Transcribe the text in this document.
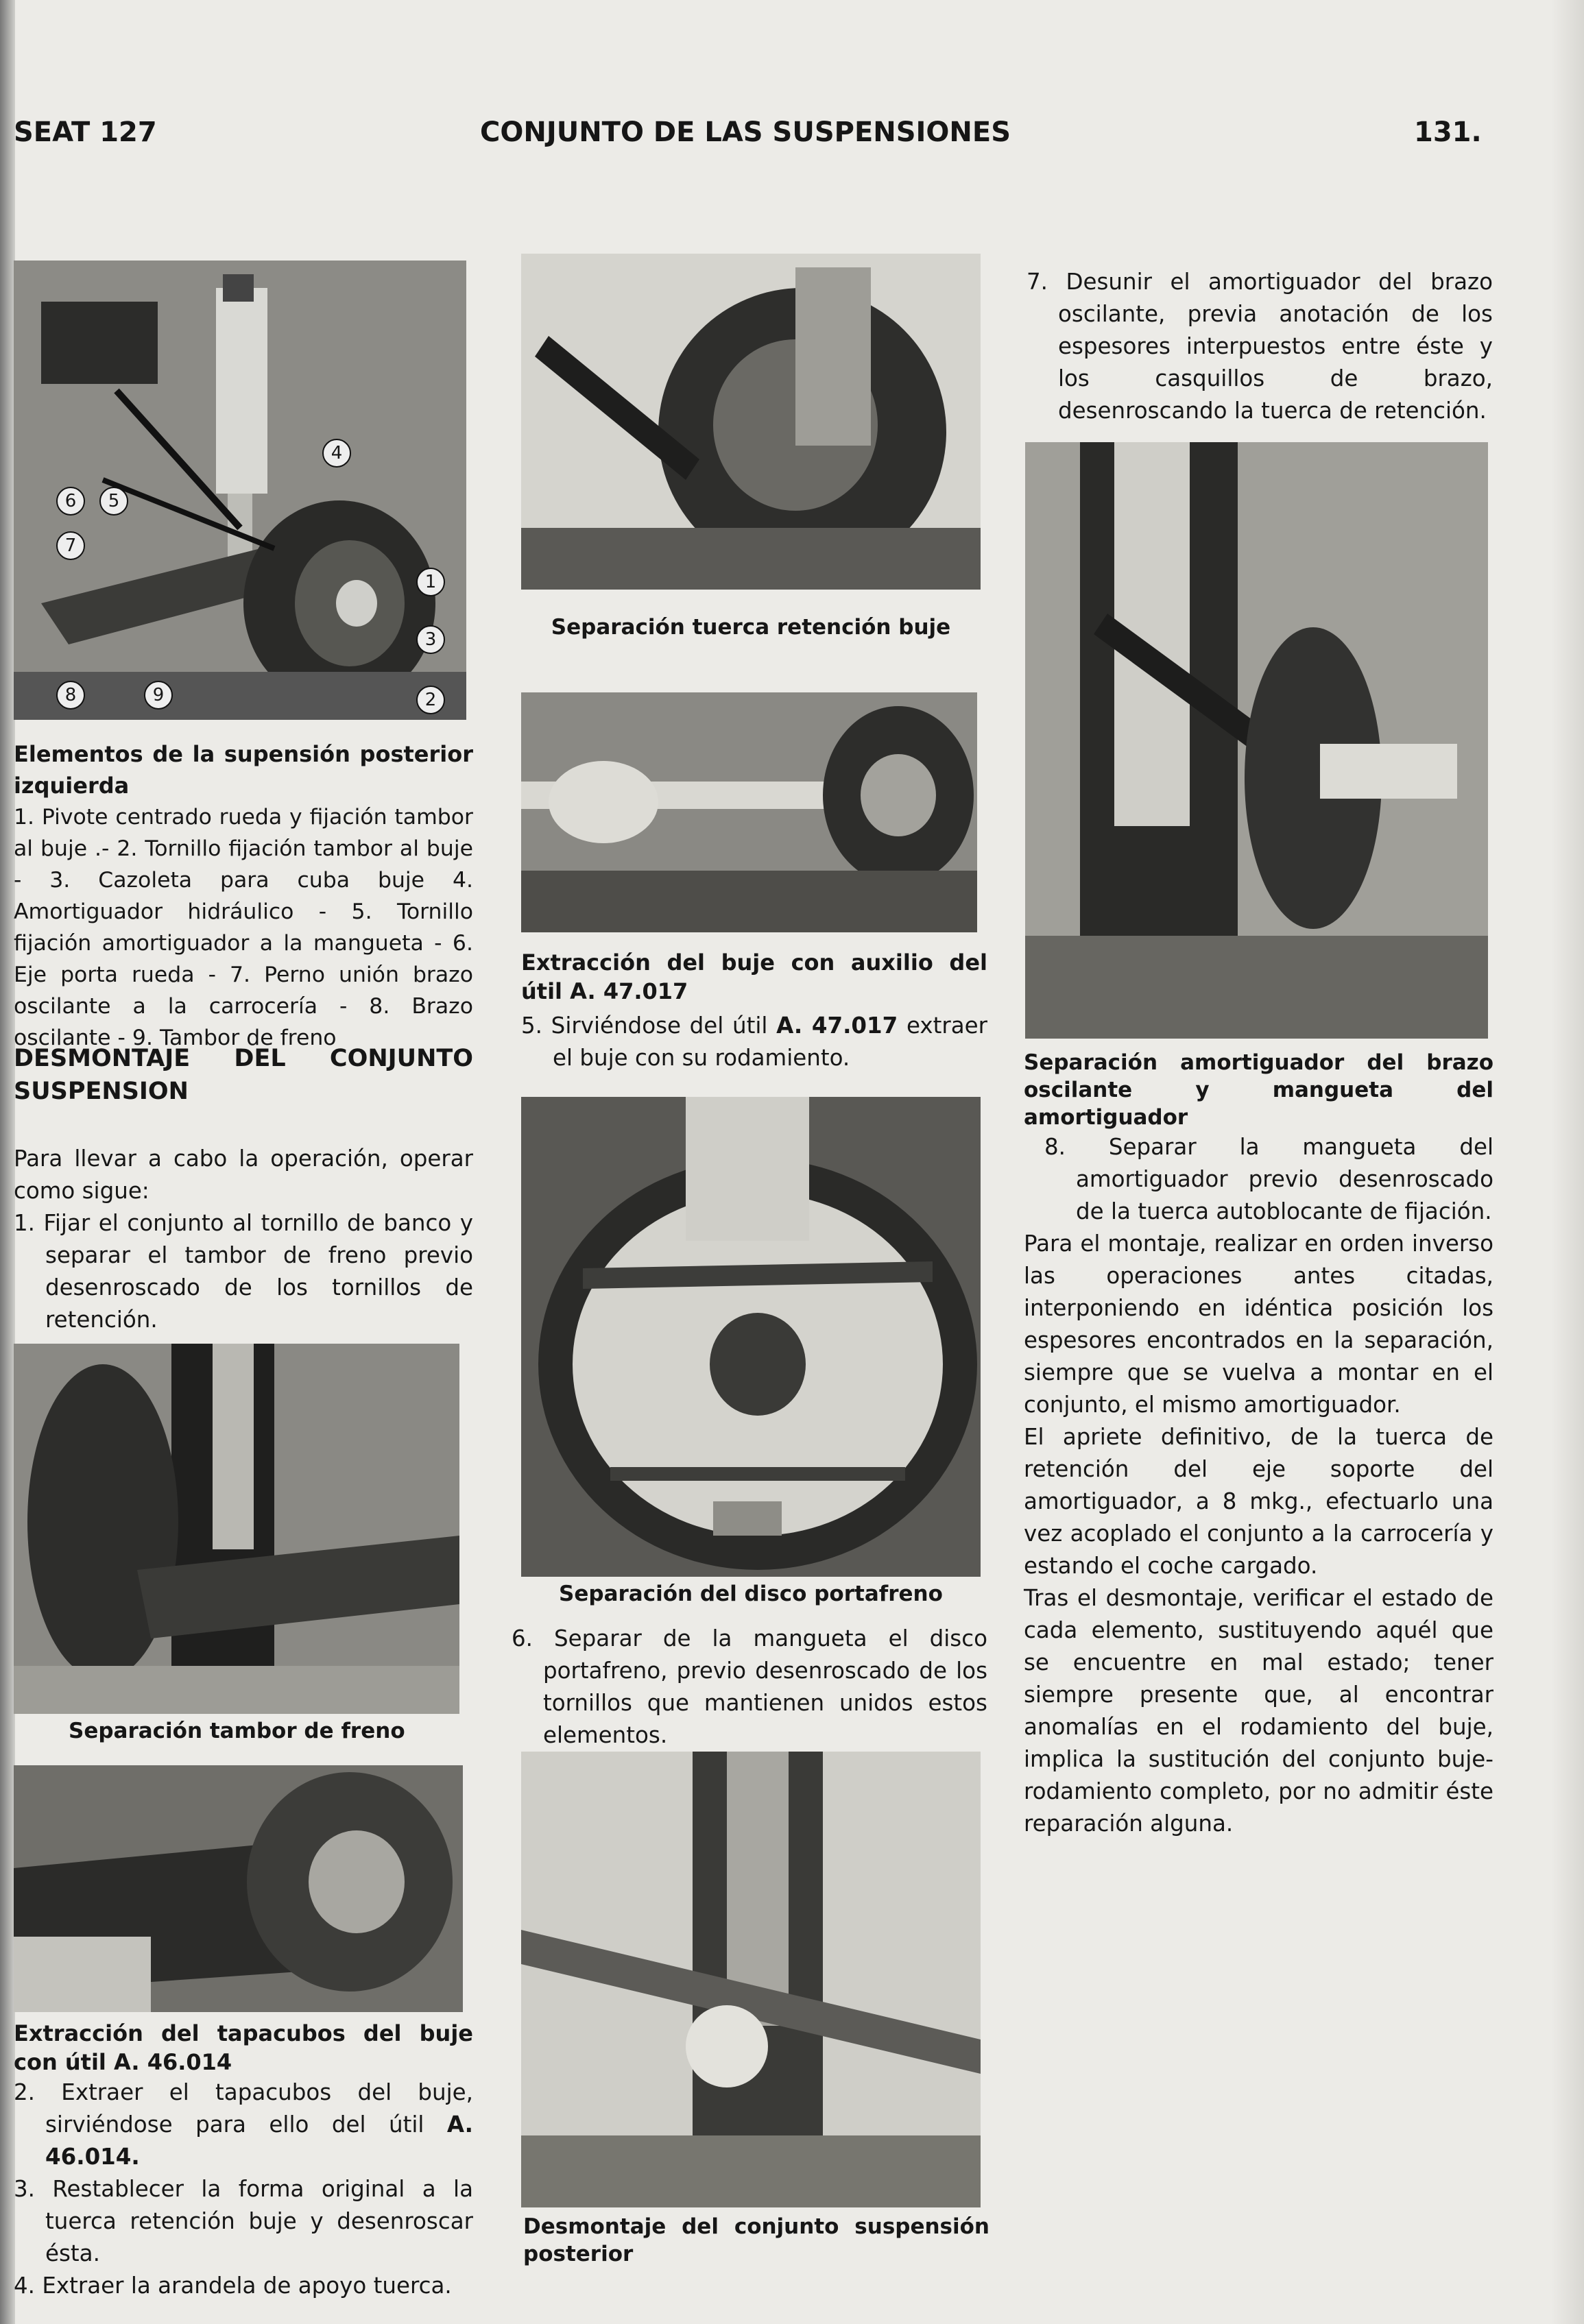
SEAT 127	CONJUNTO DE LAS SUSPENSIONES	131.
4
6	5
7
1
3
8	9	2

Elementos de la supensión posterior izquierda

1. Pivote centrado rueda y fijación tambor al buje .- 2. Tornillo fijación tambor al buje - 3. Cazoleta para cuba buje 4. Amortiguador hidráulico - 5. Tornillo fijación amortiguador a la mangueta - 6. Eje porta rueda - 7. Perno unión brazo oscilante a la carrocería - 8. Brazo oscilante - 9. Tambor de freno

DESMONTAJE DEL CONJUNTO SUSPENSION

Para llevar a cabo la operación, operar como sigue:

1. Fijar el conjunto al tornillo de banco y separar el tambor de freno previo desenroscado de los tornillos de retención.

Separación tambor de freno

Extracción del tapacubos del buje con útil A. 46.014

2. Extraer el tapacubos del buje, sirviéndose para ello del útil A. 46.014.

3. Restablecer la forma original a la tuerca retención buje y desenroscar ésta.

4. Extraer la arandela de apoyo tuerca.

Separación tuerca retención buje

Extracción del buje con auxilio del útil A. 47.017

5. Sirviéndose del útil A. 47.017 extraer el buje con su rodamiento.

Separación del disco portafreno

6. Separar de la mangueta el disco portafreno, previo desenroscado de los tornillos que mantienen unidos estos elementos.

Desmontaje del conjunto suspensión posterior

7. Desunir el amortiguador del brazo oscilante, previa anotación de los espesores interpuestos entre éste y los casquillos de brazo, desenroscando la tuerca de retención.

Separación amortiguador del brazo oscilante y mangueta del amortiguador

8. Separar la mangueta del amortiguador previo desenroscado de la tuerca autoblocante de fijación.

Para el montaje, realizar en orden inverso las operaciones antes citadas, interponiendo en idéntica posición los espesores encontrados en la separación, siempre que se vuelva a montar en el conjunto, el mismo amortiguador.

El apriete definitivo, de la tuerca de retención del eje soporte del amortiguador, a 8 mkg., efectuarlo una vez acoplado el conjunto a la carrocería y estando el coche cargado.

Tras el desmontaje, verificar el estado de cada elemento, sustituyendo aquél que se encuentre en mal estado; tener siempre presente que, al encontrar anomalías en el rodamiento del buje, implica la sustitución del conjunto buje-rodamiento completo, por no admitir éste reparación alguna.
